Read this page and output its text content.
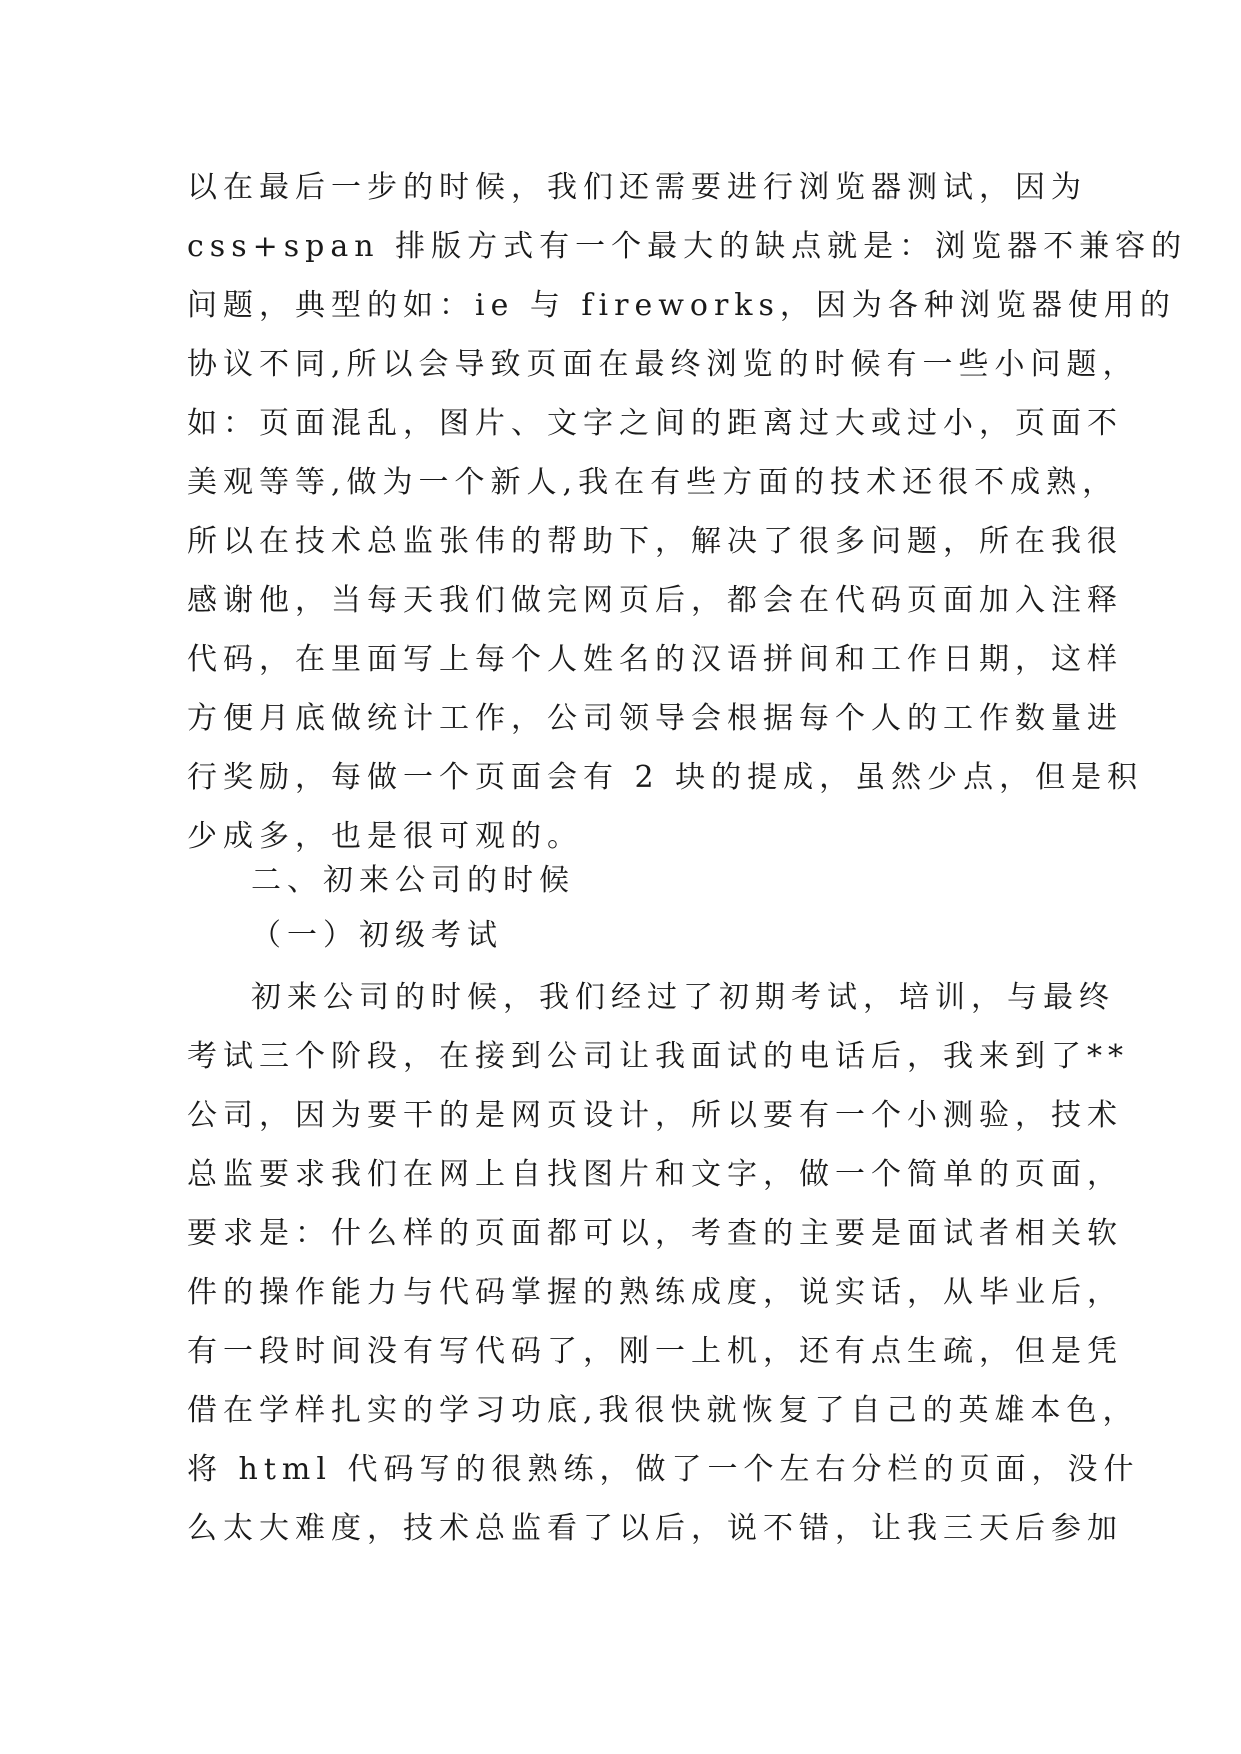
以在最后一步的时候，我们还需要进行浏览器测试，因为
css+span 排版方式有一个最大的缺点就是：浏览器不兼容的
问题，典型的如：ie 与 fireworks，因为各种浏览器使用的
协议不同,所以会导致页面在最终浏览的时候有一些小问题，
如：页面混乱，图片、文字之间的距离过大或过小，页面不
美观等等,做为一个新人,我在有些方面的技术还很不成熟，
所以在技术总监张伟的帮助下，解决了很多问题，所在我很
感谢他，当每天我们做完网页后，都会在代码页面加入注释
代码，在里面写上每个人姓名的汉语拼间和工作日期，这样
方便月底做统计工作，公司领导会根据每个人的工作数量进
行奖励，每做一个页面会有 2 块的提成，虽然少点，但是积
少成多，也是很可观的。
二、初来公司的时候
（一）初级考试
初来公司的时候，我们经过了初期考试，培训，与最终
考试三个阶段，在接到公司让我面试的电话后，我来到了**
公司，因为要干的是网页设计，所以要有一个小测验，技术
总监要求我们在网上自找图片和文字，做一个简单的页面，
要求是：什么样的页面都可以，考查的主要是面试者相关软
件的操作能力与代码掌握的熟练成度，说实话，从毕业后，
有一段时间没有写代码了，刚一上机，还有点生疏，但是凭
借在学样扎实的学习功底,我很快就恢复了自己的英雄本色，
将 html 代码写的很熟练，做了一个左右分栏的页面，没什
么太大难度，技术总监看了以后，说不错，让我三天后参加
